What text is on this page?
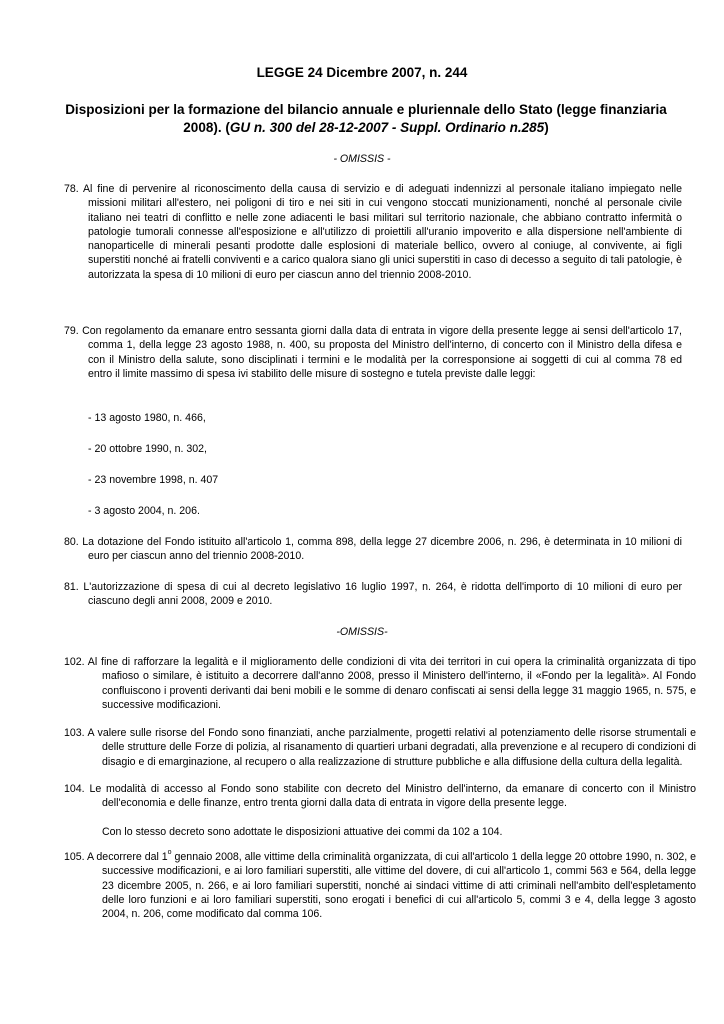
LEGGE 24 Dicembre 2007, n. 244
Disposizioni per la formazione del bilancio annuale e pluriennale dello Stato (legge finanziaria 2008). (GU n. 300 del 28-12-2007 - Suppl. Ordinario n.285)
- OMISSIS -
78. Al fine di pervenire al riconoscimento della causa di servizio e di adeguati indennizzi al personale italiano impiegato nelle missioni militari all'estero, nei poligoni di tiro e nei siti in cui vengono stoccati munizionamenti, nonché al personale civile italiano nei teatri di conflitto e nelle zone adiacenti le basi militari sul territorio nazionale, che abbiano contratto infermità o patologie tumorali connesse all'esposizione e all'utilizzo di proiettili all'uranio impoverito e alla dispersione nell'ambiente di nanoparticelle di minerali pesanti prodotte dalle esplosioni di materiale bellico, ovvero al coniuge, al convivente, ai figli superstiti nonché ai fratelli conviventi e a carico qualora siano gli unici superstiti in caso di decesso a seguito di tali patologie, è autorizzata la spesa di 10 milioni di euro per ciascun anno del triennio 2008-2010.
79. Con regolamento da emanare entro sessanta giorni dalla data di entrata in vigore della presente legge ai sensi dell'articolo 17, comma 1, della legge 23 agosto 1988, n. 400, su proposta del Ministro dell'interno, di concerto con il Ministro della difesa e con il Ministro della salute, sono disciplinati i termini e le modalità per la corresponsione ai soggetti di cui al comma 78 ed entro il limite massimo di spesa ivi stabilito delle misure di sostegno e tutela previste dalle leggi:
- 13 agosto 1980, n. 466,
- 20 ottobre 1990, n. 302,
- 23 novembre 1998, n. 407
- 3 agosto 2004, n. 206.
80. La dotazione del Fondo istituito all'articolo 1, comma 898, della legge 27 dicembre 2006, n. 296, è determinata in 10 milioni di euro per ciascun anno del triennio 2008-2010.
81. L'autorizzazione di spesa di cui al decreto legislativo 16 luglio 1997, n. 264, è ridotta dell'importo di 10 milioni di euro per ciascuno degli anni 2008, 2009 e 2010.
-OMISSIS-
102. Al fine di rafforzare la legalità e il miglioramento delle condizioni di vita dei territori in cui opera la criminalità organizzata di tipo mafioso o similare, è istituito a decorrere dall'anno 2008, presso il Ministero dell'interno, il «Fondo per la legalità». Al Fondo confluiscono i proventi derivanti dai beni mobili e le somme di denaro confiscati ai sensi della legge 31 maggio 1965, n. 575, e successive modificazioni.
103. A valere sulle risorse del Fondo sono finanziati, anche parzialmente, progetti relativi al potenziamento delle risorse strumentali e delle strutture delle Forze di polizia, al risanamento di quartieri urbani degradati, alla prevenzione e al recupero di condizioni di disagio e di emarginazione, al recupero o alla realizzazione di strutture pubbliche e alla diffusione della cultura della legalità.
104. Le modalità di accesso al Fondo sono stabilite con decreto del Ministro dell'interno, da emanare di concerto con il Ministro dell'economia e delle finanze, entro trenta giorni dalla data di entrata in vigore della presente legge.
Con lo stesso decreto sono adottate le disposizioni attuative dei commi da 102 a 104.
105. A decorrere dal 1$^o$ gennaio 2008, alle vittime della criminalità organizzata, di cui all'articolo 1 della legge 20 ottobre 1990, n. 302, e successive modificazioni, e ai loro familiari superstiti, alle vittime del dovere, di cui all'articolo 1, commi 563 e 564, della legge 23 dicembre 2005, n. 266, e ai loro familiari superstiti, nonché ai sindaci vittime di atti criminali nell'ambito dell'espletamento delle loro funzioni e ai loro familiari superstiti, sono erogati i benefici di cui all'articolo 5, commi 3 e 4, della legge 3 agosto 2004, n. 206, come modificato dal comma 106.
